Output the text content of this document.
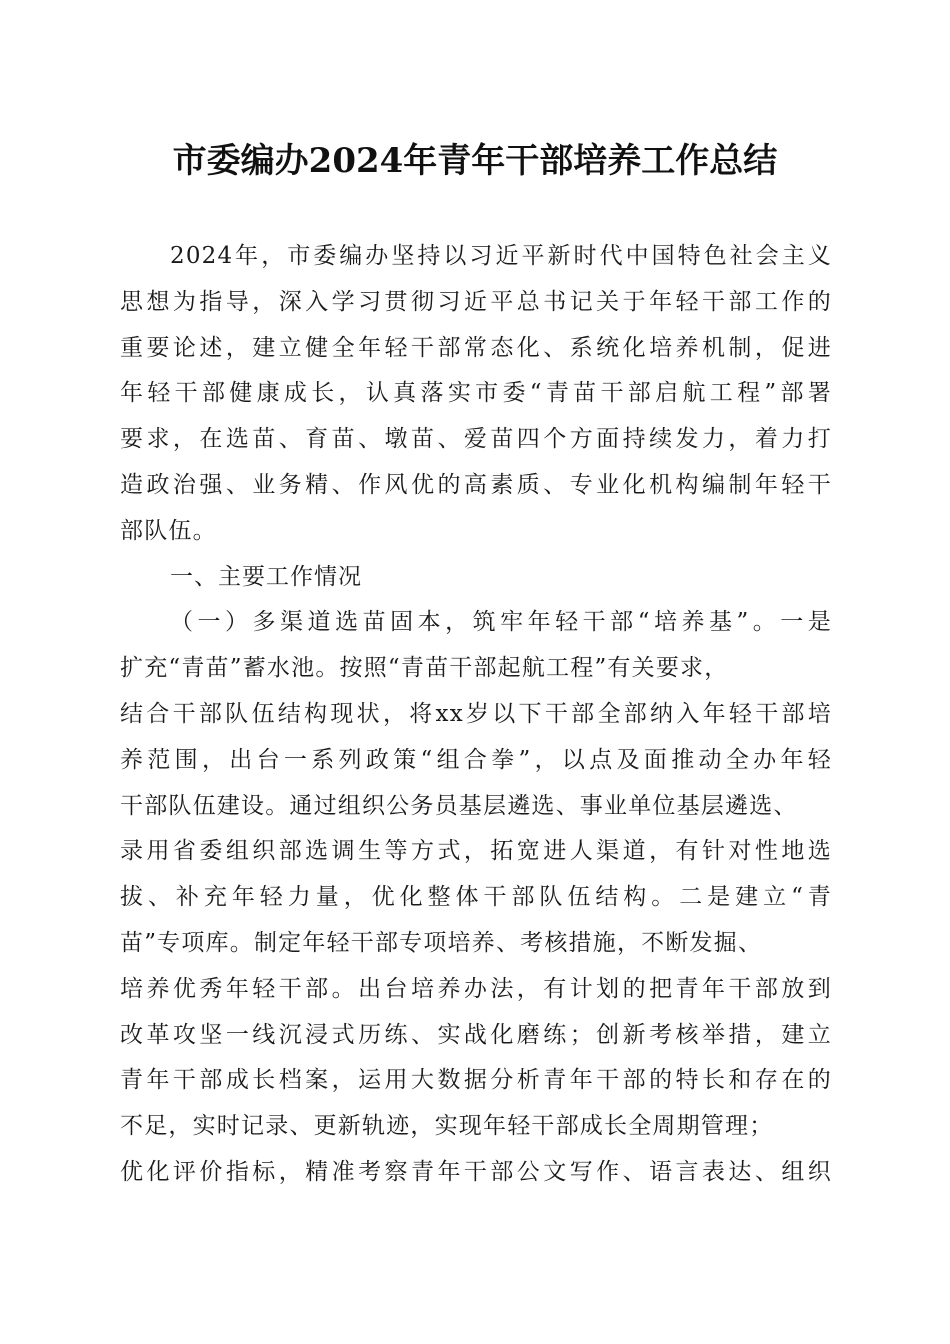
市委编办2024年青年干部培养工作总结
2024年，市委编办坚持以习近平新时代中国特色社会主义
思想为指导，深入学习贯彻习近平总书记关于年轻干部工作的
重要论述，建立健全年轻干部常态化、系统化培养机制，促进
年轻干部健康成长，认真落实市委“青苗干部启航工程”部署
要求，在选苗、育苗、墩苗、爱苗四个方面持续发力，着力打
造政治强、业务精、作风优的高素质、专业化机构编制年轻干
部队伍。
一、主要工作情况
（一）多渠道选苗固本，筑牢年轻干部“培养基”。一是
扩充“青苗”蓄水池。按照“青苗干部起航工程”有关要求，
结合干部队伍结构现状，将xx岁以下干部全部纳入年轻干部培
养范围，出台一系列政策“组合拳”，以点及面推动全办年轻
干部队伍建设。通过组织公务员基层遴选、事业单位基层遴选、
录用省委组织部选调生等方式，拓宽进人渠道，有针对性地选
拔、补充年轻力量，优化整体干部队伍结构。二是建立“青
苗”专项库。制定年轻干部专项培养、考核措施，不断发掘、
培养优秀年轻干部。出台培养办法，有计划的把青年干部放到
改革攻坚一线沉浸式历练、实战化磨练；创新考核举措，建立
青年干部成长档案，运用大数据分析青年干部的特长和存在的
不足，实时记录、更新轨迹，实现年轻干部成长全周期管理；
优化评价指标，精准考察青年干部公文写作、语言表达、组织
